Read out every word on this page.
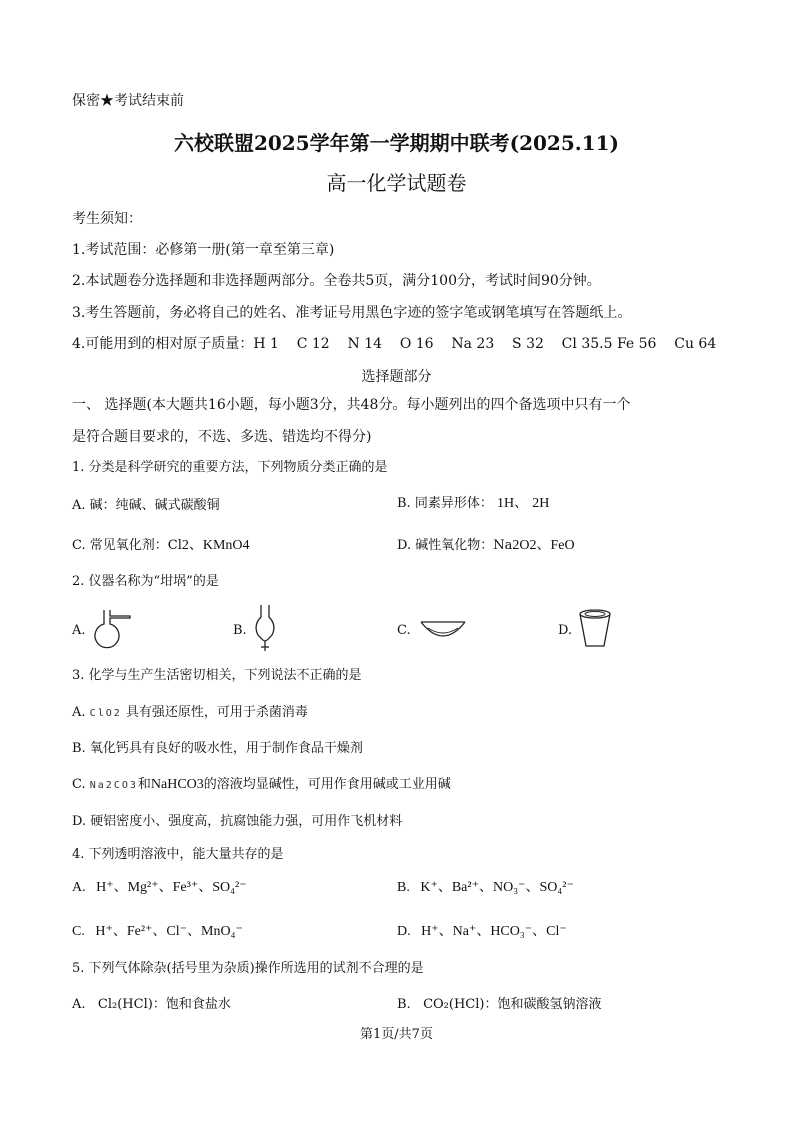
保密★考试结束前
六校联盟2025学年第一学期期中联考(2025.11)
高一化学试题卷
考生须知：
1.考试范围：必修第一册(第一章至第三章)
2.本试题卷分选择题和非选择题两部分。全卷共5页，满分100分，考试时间90分钟。
3.考生答题前，务必将自己的姓名、准考证号用黑色字迹的签字笔或钢笔填写在答题纸上。
4.可能用到的相对原子质量：H 1    C 12    N 14    O 16    Na 23    S 32    Cl 35.5 Fe 56    Cu 64
选择题部分
一、 选择题(本大题共16小题，每小题3分，共48分。每小题列出的四个备选项中只有一个
是符合题目要求的，不选、多选、错选均不得分)
1. 分类是科学研究的重要方法，下列物质分类正确的是
A. 碱：纯碱、碱式碳酸铜	B. 同素异形体： 1H、 2H
C. 常见氧化剂：Cl2、KMnO4	D. 碱性氧化物：Na2O2、FeO
2. 仪器名称为“坩埚”的是
A.	B.	C.	D.
3. 化学与生产生活密切相关，下列说法不正确的是
A. ClO2 具有强还原性，可用于杀菌消毒
B. 氧化钙具有良好的吸水性，用于制作食品干燥剂
C. Na2CO3和NaHCO3的溶液均显碱性，可用作食用碱或工业用碱
D. 硬铝密度小、强度高，抗腐蚀能力强，可用作飞机材料
4. 下列透明溶液中，能大量共存的是
A.   H⁺、Mg²⁺、Fe³⁺、SO₄²⁻	B.   K⁺、Ba²⁺、NO₃⁻、SO₄²⁻
C.   H⁺、Fe²⁺、Cl⁻、MnO₄⁻	D.   H⁺、Na⁺、HCO₃⁻、Cl⁻
5. 下列气体除杂(括号里为杂质)操作所选用的试剂不合理的是
A.   Cl₂(HCl)：饱和食盐水	B.   CO₂(HCl)：饱和碳酸氢钠溶液
第1页/共7页
